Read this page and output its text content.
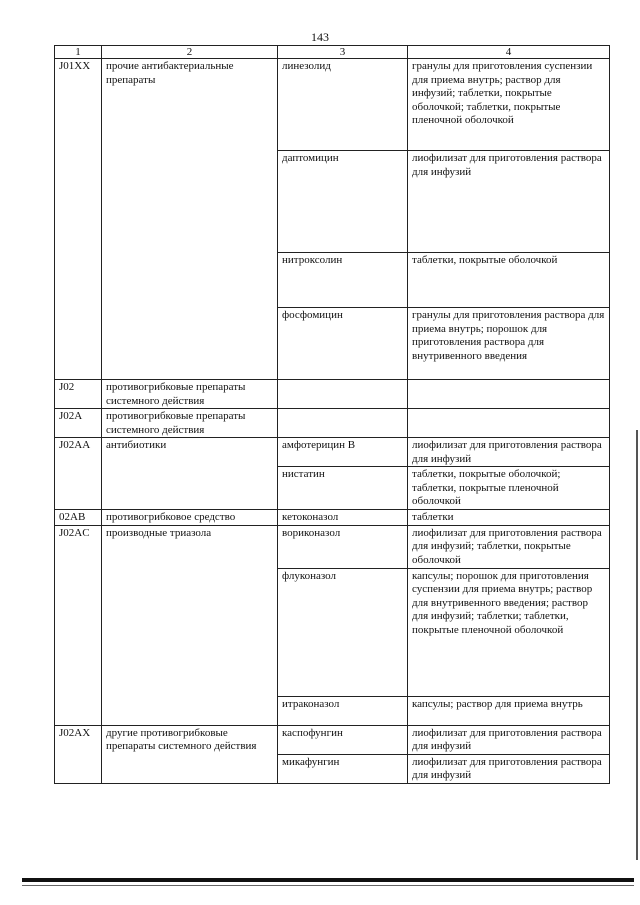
143
1	2	3	4
J01XX	прочие антибактериальные препараты	линезолид	гранулы для приготовления суспензии для приема внутрь; раствор для инфузий; таблетки, покрытые оболочкой; таблетки, покрытые пленочной оболочкой
		даптомицин	лиофилизат для приготовления раствора для инфузий
		нитроксолин	таблетки, покрытые оболочкой
		фосфомицин	гранулы для приготовления раствора для приема внутрь; порошок для приготовления раствора для внутривенного введения
J02	противогрибковые препараты системного действия		
J02A	противогрибковые препараты системного действия		
J02AA	антибиотики	амфотерицин В	лиофилизат для приготовления раствора для инфузий
		нистатин	таблетки, покрытые оболочкой; таблетки, покрытые пленочной оболочкой
02AB	противогрибковое средство	кетоконазол	таблетки
J02AC	производные триазола	вориконазол	лиофилизат для приготовления раствора для инфузий; таблетки, покрытые оболочкой
		флуконазол	капсулы; порошок для приготовления суспензии для приема внутрь; раствор для внутривенного введения; раствор для инфузий; таблетки; таблетки, покрытые пленочной оболочкой
		итраконазол	капсулы; раствор для приема внутрь
J02AX	другие противогрибковые препараты системного действия	каспофунгин	лиофилизат для приготовления раствора для инфузий
		микафунгин	лиофилизат для приготовления раствора для инфузий
